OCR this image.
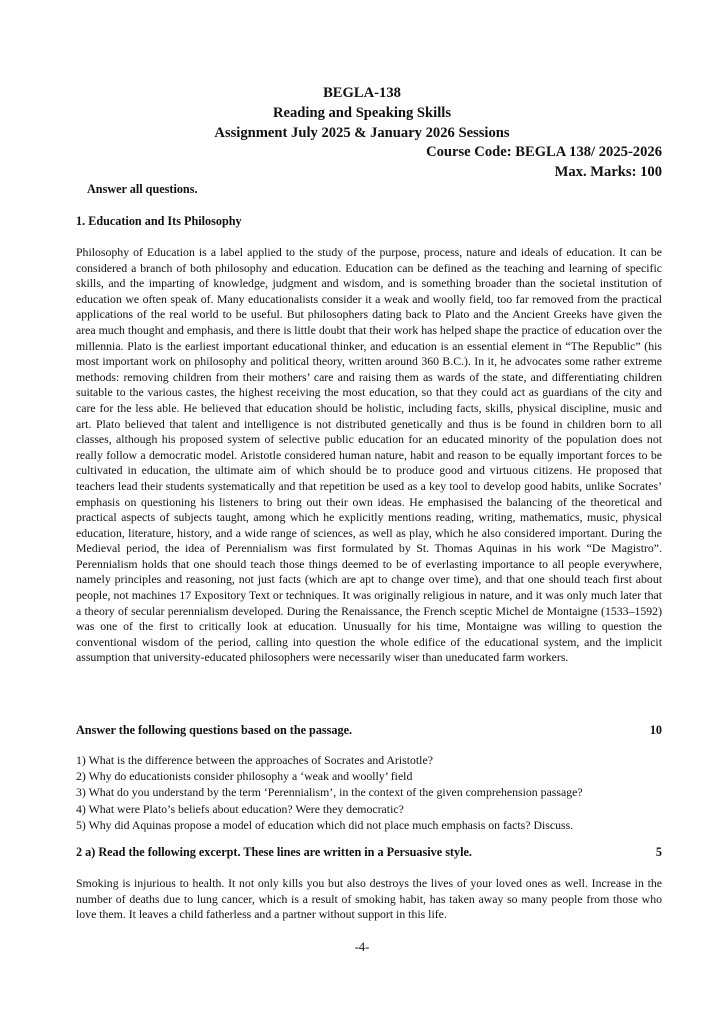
BEGLA-138
Reading and Speaking Skills
Assignment July 2025 & January 2026 Sessions
Course Code: BEGLA 138/ 2025-2026
Max. Marks: 100
Answer all questions.
1. Education and Its Philosophy
Philosophy of Education is a label applied to the study of the purpose, process, nature and ideals of education. It can be considered a branch of both philosophy and education. Education can be defined as the teaching and learning of specific skills, and the imparting of knowledge, judgment and wisdom, and is something broader than the societal institution of education we often speak of. Many educationalists consider it a weak and woolly field, too far removed from the practical applications of the real world to be useful. But philosophers dating back to Plato and the Ancient Greeks have given the area much thought and emphasis, and there is little doubt that their work has helped shape the practice of education over the millennia. Plato is the earliest important educational thinker, and education is an essential element in “The Republic” (his most important work on philosophy and political theory, written around 360 B.C.). In it, he advocates some rather extreme methods: removing children from their mothers’ care and raising them as wards of the state, and differentiating children suitable to the various castes, the highest receiving the most education, so that they could act as guardians of the city and care for the less able. He believed that education should be holistic, including facts, skills, physical discipline, music and art. Plato believed that talent and intelligence is not distributed genetically and thus is be found in children born to all classes, although his proposed system of selective public education for an educated minority of the population does not really follow a democratic model. Aristotle considered human nature, habit and reason to be equally important forces to be cultivated in education, the ultimate aim of which should be to produce good and virtuous citizens. He proposed that teachers lead their students systematically and that repetition be used as a key tool to develop good habits, unlike Socrates’ emphasis on questioning his listeners to bring out their own ideas. He emphasised the balancing of the theoretical and practical aspects of subjects taught, among which he explicitly mentions reading, writing, mathematics, music, physical education, literature, history, and a wide range of sciences, as well as play, which he also considered important. During the Medieval period, the idea of Perennialism was first formulated by St. Thomas Aquinas in his work “De Magistro”. Perennialism holds that one should teach those things deemed to be of everlasting importance to all people everywhere, namely principles and reasoning, not just facts (which are apt to change over time), and that one should teach first about people, not machines 17 Expository Text or techniques. It was originally religious in nature, and it was only much later that a theory of secular perennialism developed. During the Renaissance, the French sceptic Michel de Montaigne (1533–1592) was one of the first to critically look at education. Unusually for his time, Montaigne was willing to question the conventional wisdom of the period, calling into question the whole edifice of the educational system, and the implicit assumption that university-educated philosophers were necessarily wiser than uneducated farm workers.
Answer the following questions based on the passage.	10
1) What is the difference between the approaches of Socrates and Aristotle?
2) Why do educationists consider philosophy a ‘weak and woolly’ field
3) What do you understand by the term ‘Perennialism’, in the context of the given comprehension passage?
4) What were Plato’s beliefs about education? Were they democratic?
5) Why did Aquinas propose a model of education which did not place much emphasis on facts? Discuss.
2 a) Read the following excerpt. These lines are written in a Persuasive style.	5
Smoking is injurious to health. It not only kills you but also destroys the lives of your loved ones as well. Increase in the number of deaths due to lung cancer, which is a result of smoking habit, has taken away so many people from those who love them. It leaves a child fatherless and a partner without support in this life.
-4-
